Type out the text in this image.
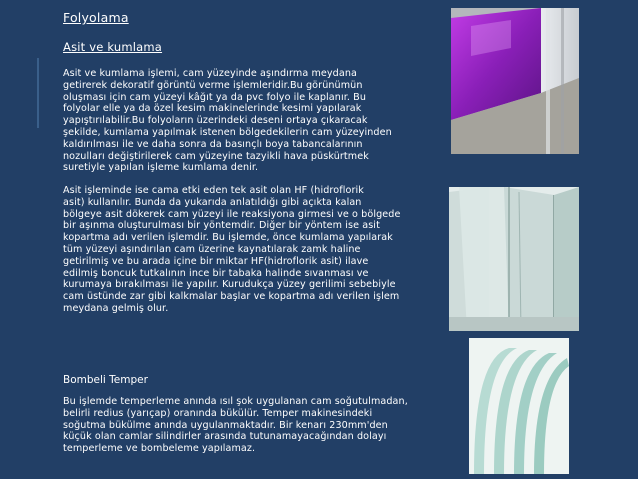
Folyolama
Asit ve kumlama
Asit ve kumlama işlemi, cam yüzeyinde aşındırma meydana
getirerek dekoratif görüntü verme işlemleridir.Bu görünümün
oluşması için cam yüzeyi kâğıt ya da pvc folyo ile kaplanır. Bu
folyolar elle ya da özel kesim makinelerinde kesimi yapılarak
yapıştırılabilir.Bu folyoların üzerindeki deseni ortaya çıkaracak
şekilde, kumlama yapılmak istenen bölgedekilerin cam yüzeyinden
kaldırılması ile ve daha sonra da basınçlı boya tabancalarının
nozulları değiştirilerek cam yüzeyine tazyikli hava püskürtmek
suretiyle yapılan işleme kumlama denir.
Asit işleminde ise cama etki eden tek asit olan HF (hidroflorik
asit) kullanılır. Bunda da yukarıda anlatıldığı gibi açıkta kalan
bölgeye asit dökerek cam yüzeyi ile reaksiyona girmesi ve o bölgede
bir aşınma oluşturulması bir yöntemdir. Diğer bir yöntem ise asit
kopartma adı verilen işlemdir. Bu işlemde, önce kumlama yapılarak
tüm yüzeyi aşındırılan cam üzerine kaynatılarak zamk haline
getirilmiş ve bu arada içine bir miktar HF(hidroflorik asit) ilave
edilmiş boncuk tutkalının ince bir tabaka halinde sıvanması ve
kurumaya bırakılması ile yapılır. Kurudukça yüzey gerilimi sebebiyle
cam üstünde zar gibi kalkmalar başlar ve kopartma adı verilen işlem
meydana gelmiş olur.
Bombeli Temper
Bu işlemde temperleme anında ısıl şok uygulanan cam soğutulmadan,
belirli redius (yarıçap) oranında bükülür. Temper makinesindeki
soğutma bükülme anında uygulanmaktadır. Bir kenarı 230mm'den
küçük olan camlar silindirler arasında tutunamayacağından dolayı
temperleme ve bombeleme yapılamaz.
